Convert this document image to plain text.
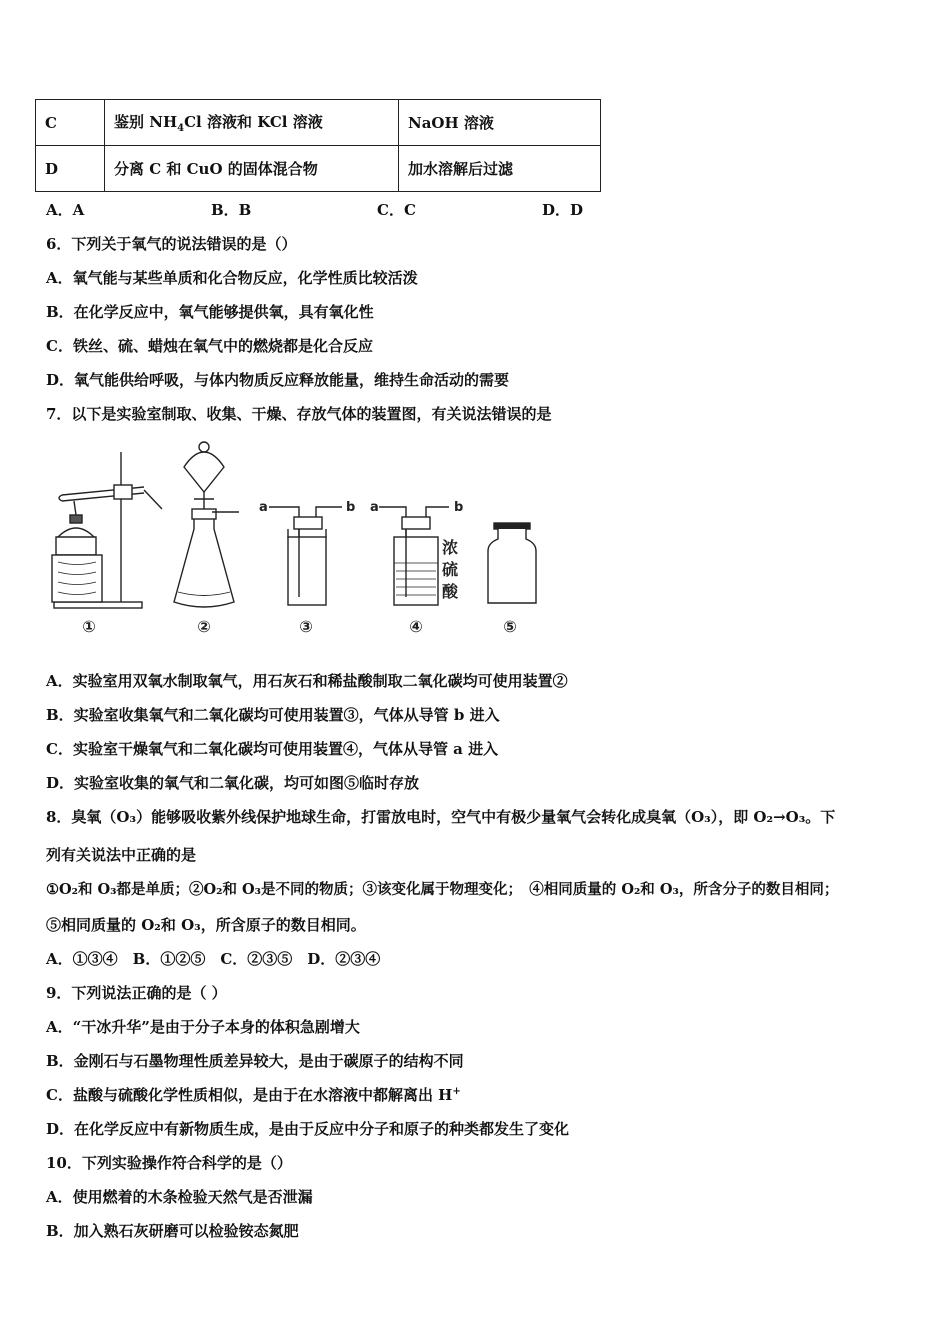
C	鉴别 $NH_4Cl$ 溶液和 KCl 溶液	NaOH 溶液
D	分离 C 和 CuO 的固体混合物	加水溶解后过滤
A．A	B．B	C．C	D．D
6．下列关于氧气的说法错误的是（）
A．氧气能与某些单质和化合物反应，化学性质比较活泼
B．在化学反应中，氧气能够提供氧，具有氧化性
C．铁丝、硫、蜡烛在氧气中的燃烧都是化合反应
D．氧气能供给呼吸，与体内物质反应释放能量，维持生命活动的需要
7．以下是实验室制取、收集、干燥、存放气体的装置图，有关说法错误的是
①	②
a	b
③
a	b
浓
硫
酸
④	⑤
A．实验室用双氧水制取氧气，用石灰石和稀盐酸制取二氧化碳均可使用装置②
B．实验室收集氧气和二氧化碳均可使用装置③，气体从导管 b 进入
C．实验室干燥氧气和二氧化碳均可使用装置④，气体从导管 a 进入
D．实验室收集的氧气和二氧化碳，均可如图⑤临时存放
8．臭氧（O₃）能够吸收紫外线保护地球生命，打雷放电时，空气中有极少量氧气会转化成臭氧（O₃），即 O₂→O₃。下
列有关说法中正确的是
①O₂和 O₃都是单质；②O₂和 O₃是不同的物质；③该变化属于物理变化；　④相同质量的 O₂和 O₃，所含分子的数目相同；
⑤相同质量的 O₂和 O₃，所含原子的数目相同。
A．①③④　B．①②⑤　C．②③⑤　D．②③④
9．下列说法正确的是（ ）
A．“干冰升华”是由于分子本身的体积急剧增大
B．金刚石与石墨物理性质差异较大，是由于碳原子的结构不同
C．盐酸与硫酸化学性质相似，是由于在水溶液中都解离出 H+
D．在化学反应中有新物质生成，是由于反应中分子和原子的种类都发生了变化
10．下列实验操作符合科学的是（）
A．使用燃着的木条检验天然气是否泄漏
B．加入熟石灰研磨可以检验铵态氮肥
